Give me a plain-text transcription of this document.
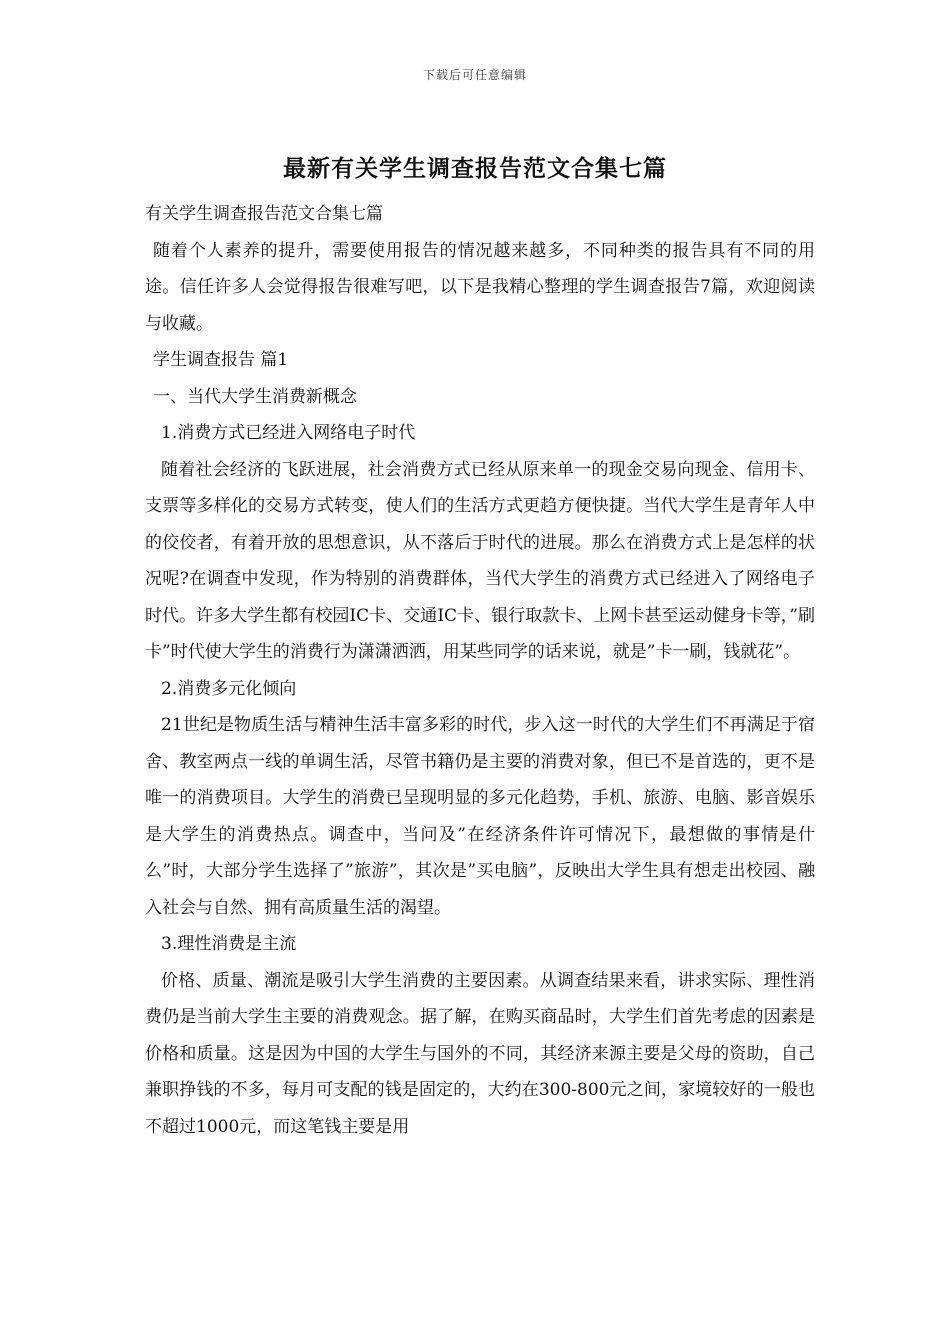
下载后可任意编辑
最新有关学生调查报告范文合集七篇

有关学生调查报告范文合集七篇

随着个人素养的提升，需要使用报告的情况越来越多，不同种类的报告具有不同的用途。信任许多人会觉得报告很难写吧，以下是我精心整理的学生调查报告7篇，欢迎阅读与收藏。

学生调查报告 篇1

一、当代大学生消费新概念

1.消费方式已经进入网络电子时代

随着社会经济的飞跃进展，社会消费方式已经从原来单一的现金交易向现金、信用卡、支票等多样化的交易方式转变，使人们的生活方式更趋方便快捷。当代大学生是青年人中的佼佼者，有着开放的思想意识，从不落后于时代的进展。那么在消费方式上是怎样的状况呢?在调查中发现，作为特别的消费群体，当代大学生的消费方式已经进入了网络电子时代。许多大学生都有校园IC卡、交通IC卡、银行取款卡、上网卡甚至运动健身卡等，”刷卡”时代使大学生的消费行为潇潇洒洒，用某些同学的话来说，就是”卡一刷，钱就花”。

2.消费多元化倾向

21世纪是物质生活与精神生活丰富多彩的时代，步入这一时代的大学生们不再满足于宿舍、教室两点一线的单调生活，尽管书籍仍是主要的消费对象，但已不是首选的，更不是唯一的消费项目。大学生的消费已呈现明显的多元化趋势，手机、旅游、电脑、影音娱乐是大学生的消费热点。调查中，当问及”在经济条件许可情况下，最想做的事情是什么”时，大部分学生选择了”旅游”，其次是”买电脑”，反映出大学生具有想走出校园、融入社会与自然、拥有高质量生活的渴望。

3.理性消费是主流

价格、质量、潮流是吸引大学生消费的主要因素。从调查结果来看，讲求实际、理性消费仍是当前大学生主要的消费观念。据了解，在购买商品时，大学生们首先考虑的因素是价格和质量。这是因为中国的大学生与国外的不同，其经济来源主要是父母的资助，自己兼职挣钱的不多，每月可支配的钱是固定的，大约在300-800元之间，家境较好的一般也不超过1000元，而这笔钱主要是用
